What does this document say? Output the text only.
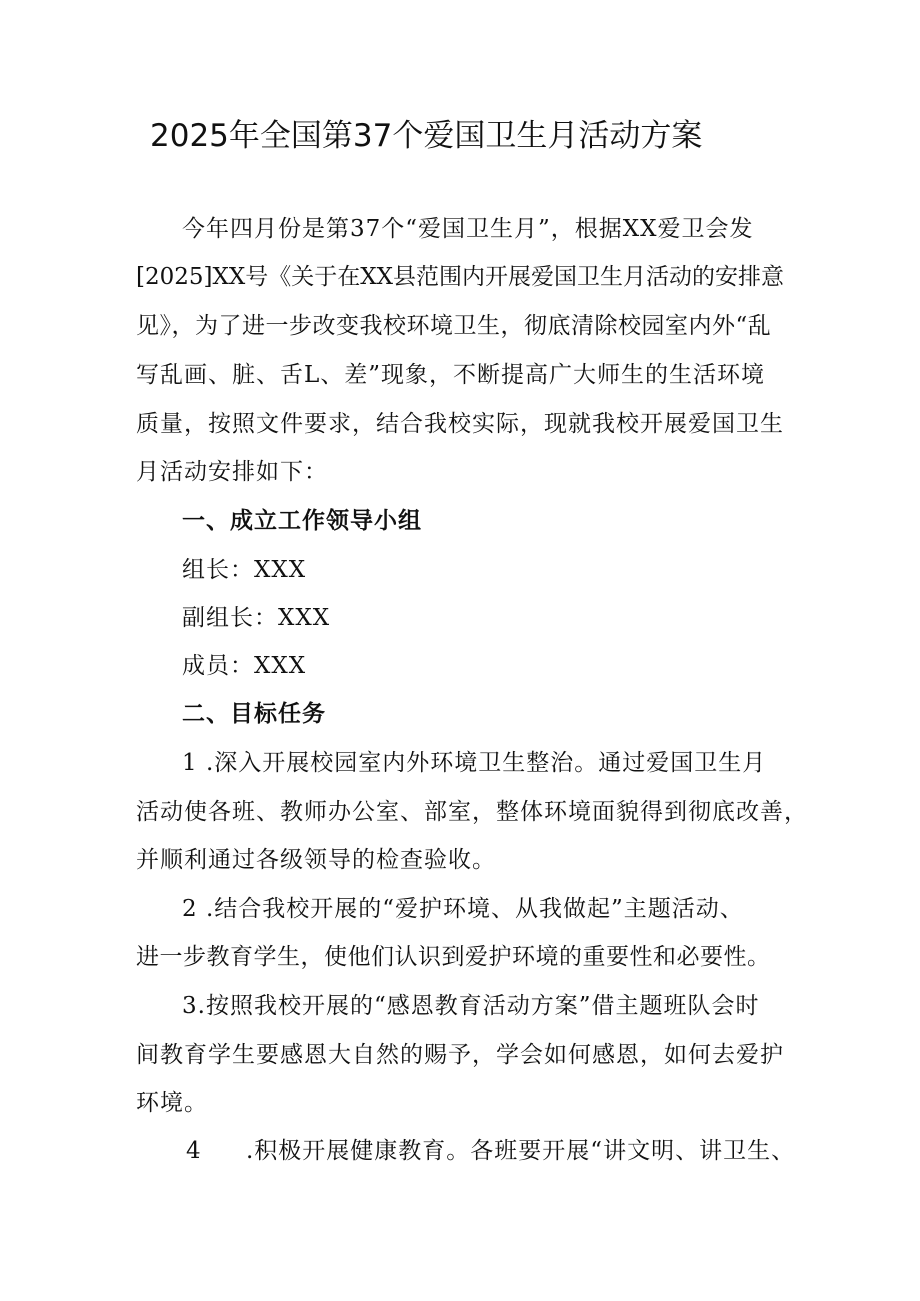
2025年全国第37个爱国卫生月活动方案
今年四月份是第37个“爱国卫生月”，根据XX爱卫会发
[2025]XX号《关于在XX县范围内开展爱国卫生月活动的安排意
见》，为了进一步改变我校环境卫生，彻底清除校园室内外“乱
写乱画、脏、舌L、差”现象，不断提高广大师生的生活环境
质量，按照文件要求，结合我校实际，现就我校开展爱国卫生
月活动安排如下：
一、成立工作领导小组
组长：XXX
副组长：XXX
成员：XXX
二、目标任务
1 .深入开展校园室内外环境卫生整治。通过爱国卫生月
活动使各班、教师办公室、部室，整体环境面貌得到彻底改善，
并顺利通过各级领导的检查验收。
2 .结合我校开展的“爱护环境、从我做起”主题活动、
进一步教育学生，使他们认识到爱护环境的重要性和必要性。
3.按照我校开展的“感恩教育活动方案”借主题班队会时
间教育学生要感恩大自然的赐予，学会如何感恩，如何去爱护
环境。
4 .积极开展健康教育。各班要开展“讲文明、讲卫生、
